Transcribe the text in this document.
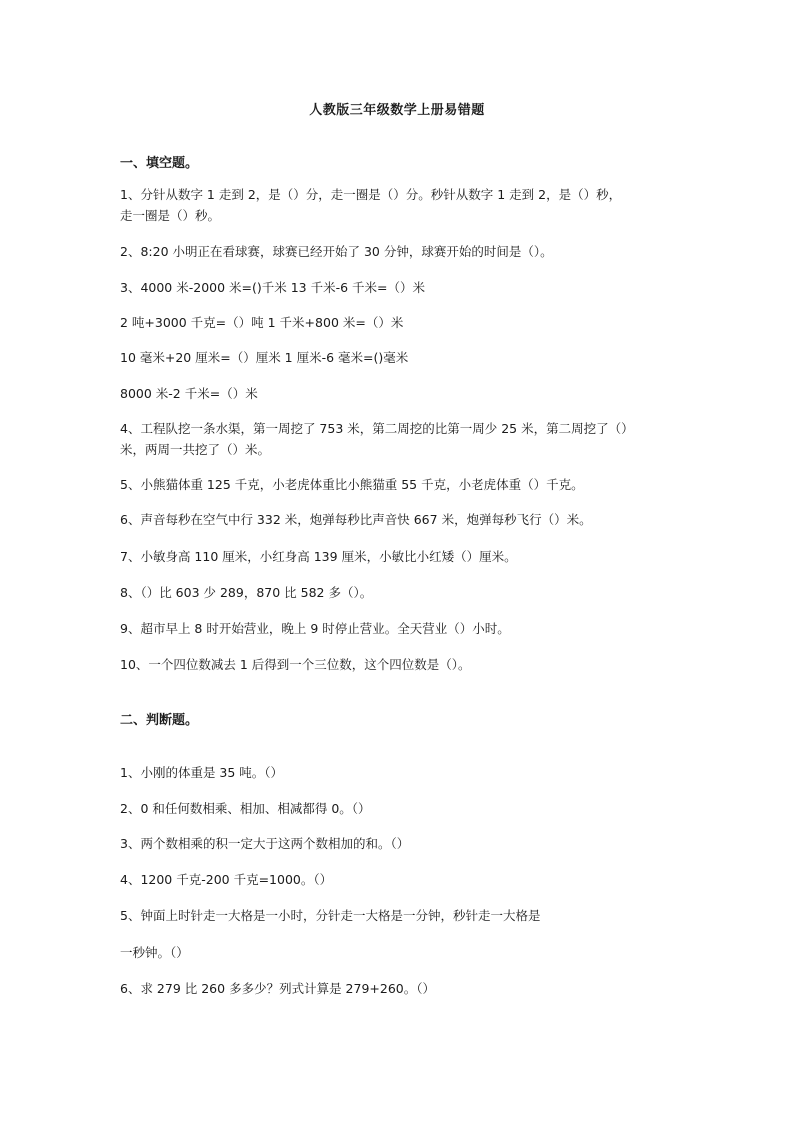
人教版三年级数学上册易错题
一、填空题。
1、分针从数字 1 走到 2，是（）分，走一圈是（）分。秒针从数字 1 走到 2，是（）秒，
走一圈是（）秒。
2、8:20 小明正在看球赛，球赛已经开始了 30 分钟，球赛开始的时间是（）。
3、4000 米-2000 米=()千米 13 千米-6 千米=（）米
2 吨+3000 千克=（）吨 1 千米+800 米=（）米
10 毫米+20 厘米=（）厘米 1 厘米-6 毫米=()毫米
8000 米-2 千米=（）米
4、工程队挖一条水渠，第一周挖了 753 米，第二周挖的比第一周少 25 米，第二周挖了（）
米，两周一共挖了（）米。
5、小熊猫体重 125 千克，小老虎体重比小熊猫重 55 千克，小老虎体重（）千克。
6、声音每秒在空气中行 332 米，炮弹每秒比声音快 667 米，炮弹每秒飞行（）米。
7、小敏身高 110 厘米，小红身高 139 厘米，小敏比小红矮（）厘米。
8、（）比 603 少 289，870 比 582 多（）。
9、超市早上 8 时开始营业，晚上 9 时停止营业。全天营业（）小时。
10、一个四位数减去 1 后得到一个三位数，这个四位数是（）。
二、判断题。
1、小刚的体重是 35 吨。（）
2、0 和任何数相乘、相加、相减都得 0。（）
3、两个数相乘的积一定大于这两个数相加的和。（）
4、1200 千克-200 千克=1000。（）
5、钟面上时针走一大格是一小时，分针走一大格是一分钟，秒针走一大格是
一秒钟。（）
6、求 279 比 260 多多少？列式计算是 279+260。（）
